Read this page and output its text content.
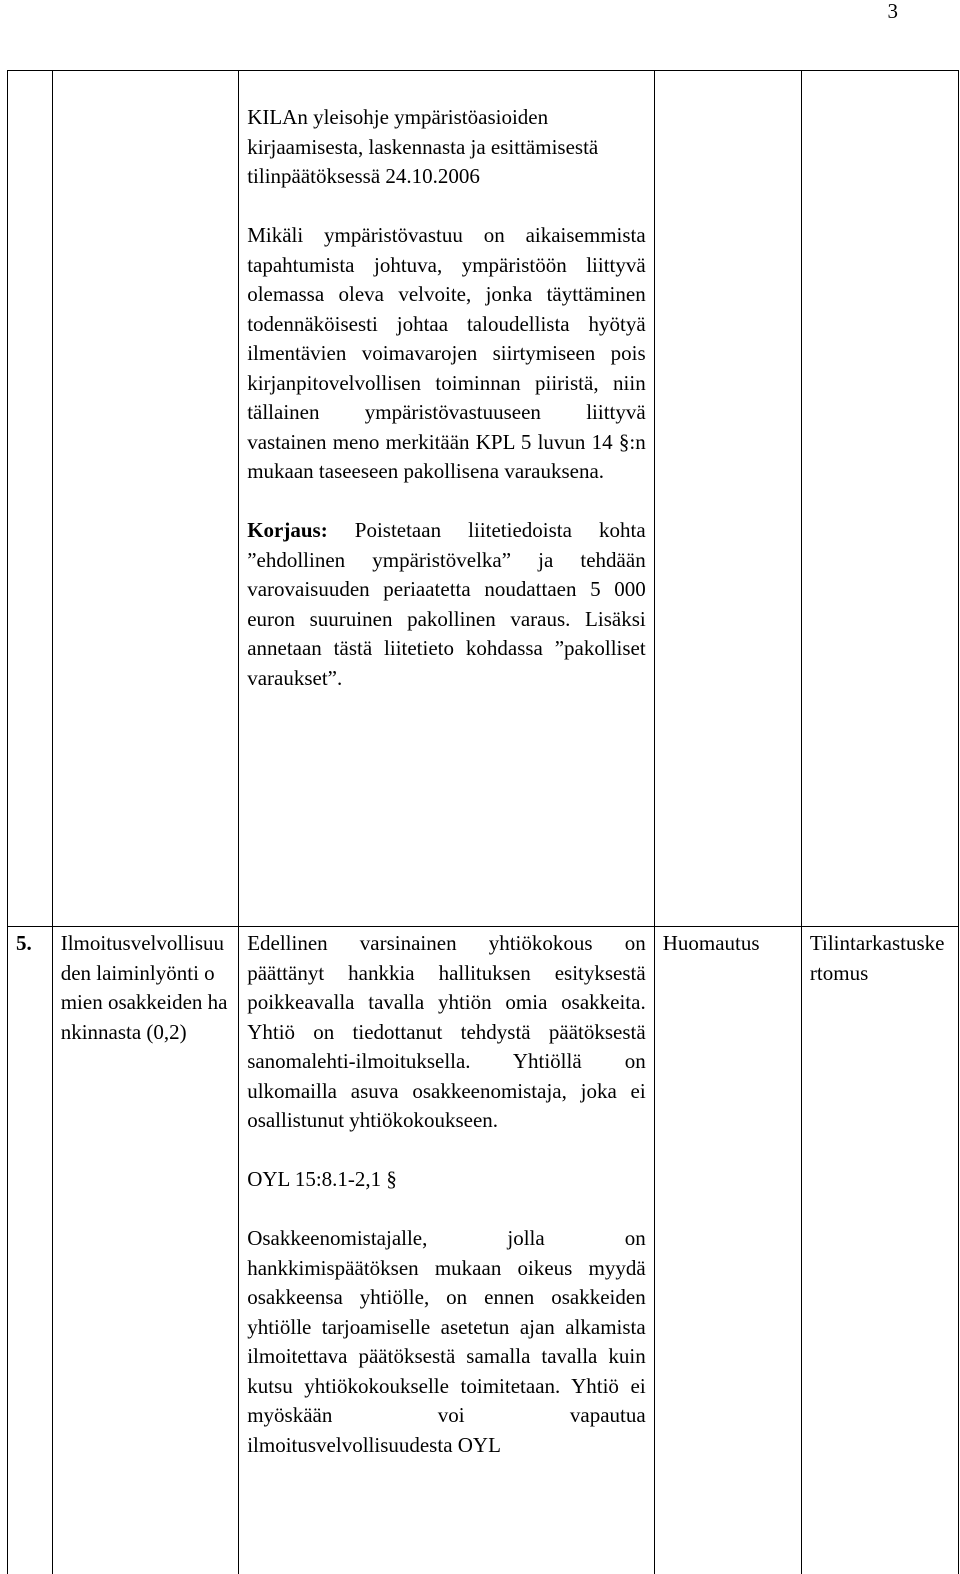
3

		KILAn yleisohje ympäristöasioiden kirjaamisesta, laskennasta ja esittämisestä tilinpäätöksessä 24.10.2006

Mikäli ympäristövastuu on aikaisemmista tapahtumista johtuva, ympäristöön liittyvä olemassa oleva velvoite, jonka täyttäminen todennäköisesti johtaa taloudellista hyötyä ilmentävien voimavarojen siirtymiseen pois kirjanpitovelvollisen toiminnan piiristä, niin tällainen ympäristövastuuseen liittyvä vastainen meno merkitään KPL 5 luvun 14 §:n mukaan taseeseen pakollisena varauksena.

Korjaus: Poistetaan liitetiedoista kohta ”ehdollinen ympäristövelka” ja tehdään varovaisuuden periaatetta noudattaen 5 000 euron suuruinen pakollinen varaus. Lisäksi annetaan tästä liitetieto kohdassa ”pakolliset varaukset”.		

5.	Ilmoitusvelvollisuuden laiminlyönti omien osakkeiden hankinnasta (0,2)	Edellinen varsinainen yhtiökokous on päättänyt hankkia hallituksen esityksestä poikkeavalla tavalla yhtiön omia osakkeita. Yhtiö on tiedottanut tehdystä päätöksestä sanomalehti-ilmoituksella. Yhtiöllä on ulkomailla asuva osakkeenomistaja, joka ei osallistunut yhtiökokoukseen.

OYL 15:8.1-2,1 §

Osakkeenomistajalle, jolla on hankkimispäätöksen mukaan oikeus myydä osakkeensa yhtiölle, on ennen osakkeiden yhtiölle tarjoamiselle asetetun ajan alkamista ilmoitettava päätöksestä samalla tavalla kuin kutsu yhtiökokoukselle toimitetaan. Yhtiö ei myöskään voi vapautua ilmoitusvelvollisuudesta OYL	Huomautus	Tilintarkastuskertomus
